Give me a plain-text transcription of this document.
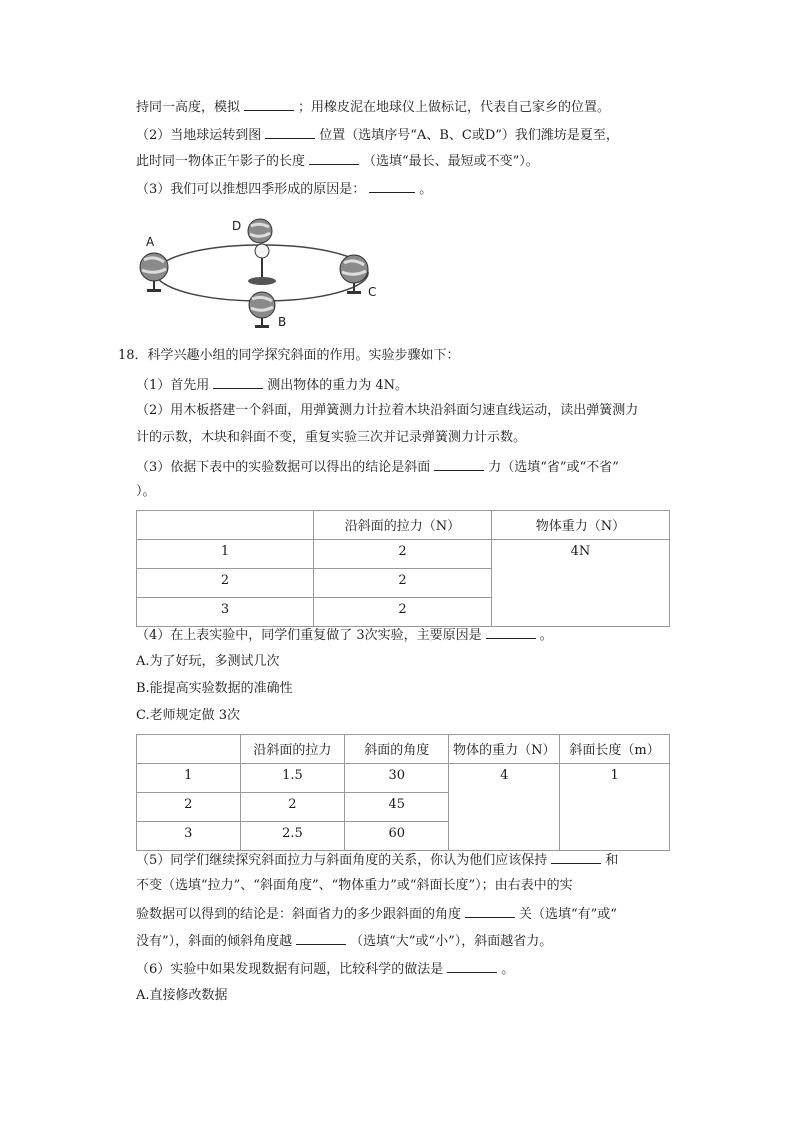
持同一高度，模拟	；用橡皮泥在地球仪上做标记，代表自己家乡的位置。
（2）当地球运转到图	位置（选填序号“A、B、C或D”）我们潍坊是夏至，
此时同一物体正午影子的长度	（选填“最长、最短或不变”）。
（3）我们可以推想四季形成的原因是：	。
A
D
C
B
18．科学兴趣小组的同学探究斜面的作用。实验步骤如下：
（1）首先用	测出物体的重力为 4N。
（2）用木板搭建一个斜面，用弹簧测力计拉着木块沿斜面匀速直线运动，读出弹簧测力
计的示数，木块和斜面不变，重复实验三次并记录弹簧测力计示数。
（3）依据下表中的实验数据可以得出的结论是斜面	力（选填“省”或“不省”
）。
	沿斜面的拉力（N）	物体重力（N）
1	2	4N
2	2	
3	2	
（4）在上表实验中，同学们重复做了 3次实验，主要原因是	。
A.为了好玩，多测试几次
B.能提高实验数据的准确性
C.老师规定做 3次
	沿斜面的拉力	斜面的角度	物体的重力（N）	斜面长度（m）
1	1.5	30	4	1
2	2	45		
3	2.5	60		
（5）同学们继续探究斜面拉力与斜面角度的关系，你认为他们应该保持	和
不变（选填“拉力”、“斜面角度”、“物体重力”或“斜面长度”）；由右表中的实
验数据可以得到的结论是：斜面省力的多少跟斜面的角度	关（选填“有”或“
没有”），斜面的倾斜角度越	（选填“大”或“小”），斜面越省力。
（6）实验中如果发现数据有问题，比较科学的做法是	。
A.直接修改数据
